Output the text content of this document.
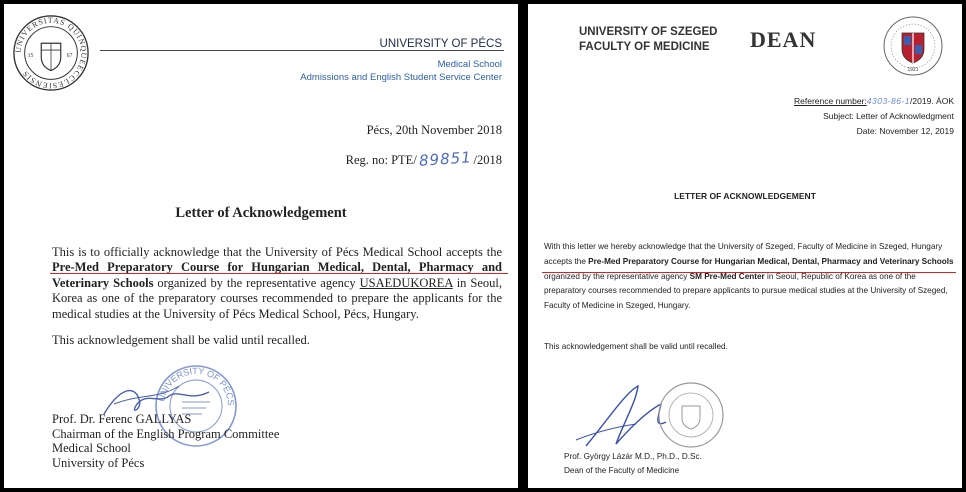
UNIVERSITAS QUINQUEECCLESIENSIS
15	67
UNIVERSITY OF PÉCS
Medical School
Admissions and English Student Service Center
Pécs, 20th November 2018
Reg. no: PTE/89851/2018
Letter of Acknowledgement

This is to officially acknowledge that the University of Pécs Medical School accepts the Pre-Med Preparatory Course for Hungarian Medical, Dental, Pharmacy and Veterinary Schools organized by the representative agency USAEDUKOREA in Seoul, Korea as one of the preparatory courses recommended to prepare the applicants for the medical studies at the University of Pécs Medical School, Pécs, Hungary.

This acknowledgement shall be valid until recalled.
UNIVERSITY OF PÉCS
Prof. Dr. Ferenc GALLYAS
Chairman of the English Program Committee
Medical School
University of Pécs
UNIVERSITY OF SZEGED
FACULTY OF MEDICINE DEAN
1921
Reference number:4303-86-1/2019. ÁOK
Subject: Letter of Acknowledgment
Date: November 12, 2019
LETTER OF ACKNOWLEDGEMENT

With this letter we hereby acknowledge that the University of Szeged, Faculty of Medicine in Szeged, Hungary accepts the Pre-Med Preparatory Course for Hungarian Medical, Dental, Pharmacy and Veterinary Schools organized by the representative agency SM Pre-Med Center in Seoul, Republic of Korea as one of the preparatory courses recommended to prepare applicants to pursue medical studies at the University of Szeged, Faculty of Medicine in Szeged, Hungary.

This acknowledgement shall be valid until recalled.
Prof. György Lázár M.D., Ph.D., D.Sc.
Dean of the Faculty of Medicine
